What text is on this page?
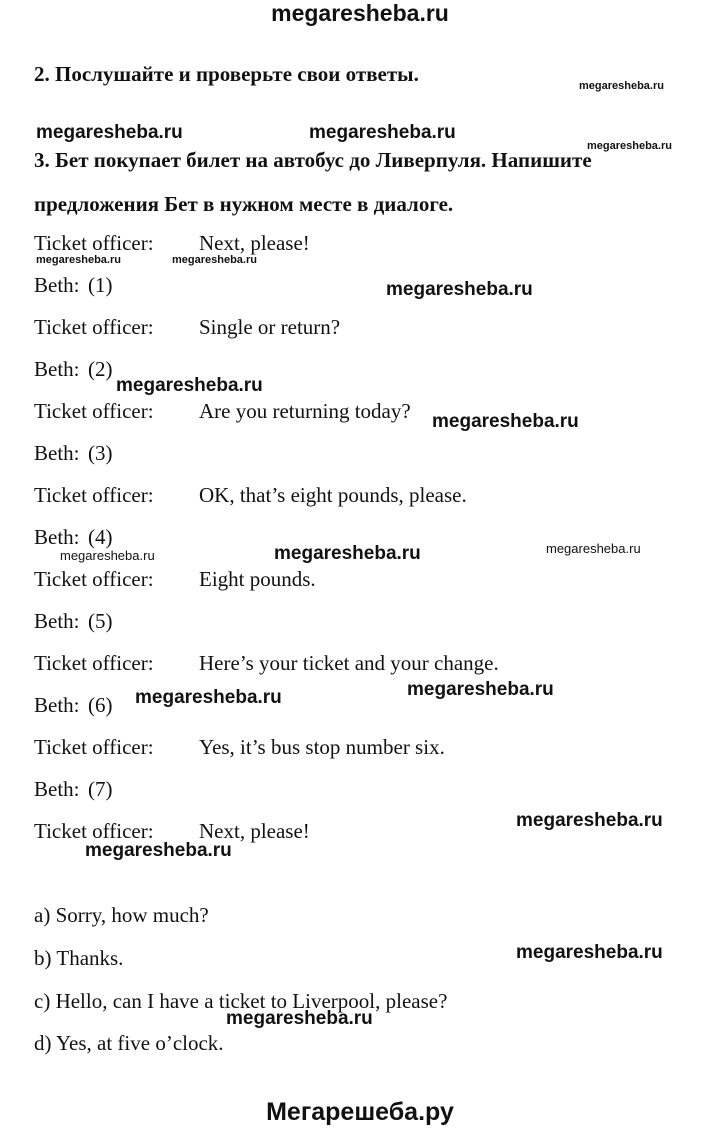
megaresheba.ru
2. Послушайте и проверьте свои ответы.
3. Бет покупает билет на автобус до Ливерпуля. Напишите
предложения Бет в нужном месте в диалоге.
Ticket officer: Next, please!
Beth: (1)
Ticket officer: Single or return?
Beth: (2)
Ticket officer: Are you returning today?
Beth: (3)
Ticket officer: OK, that’s eight pounds, please.
Beth: (4)
Ticket officer: Eight pounds.
Beth: (5)
Ticket officer: Here’s your ticket and your change.
Beth: (6)
Ticket officer: Yes, it’s bus stop number six.
Beth: (7)
Ticket officer: Next, please!
a) Sorry, how much?
b) Thanks.
c) Hello, can I have a ticket to Liverpool, please?
d) Yes, at five o’clock.
megaresheba.ru
megaresheba.ru	megaresheba.ru
megaresheba.ru
megaresheba.ru	megaresheba.ru
megaresheba.ru
megaresheba.ru
megaresheba.ru
megaresheba.ru	megaresheba.ru	megaresheba.ru
megaresheba.ru
megaresheba.ru
megaresheba.ru
megaresheba.ru
megaresheba.ru
megaresheba.ru
Мегарешеба.ру
